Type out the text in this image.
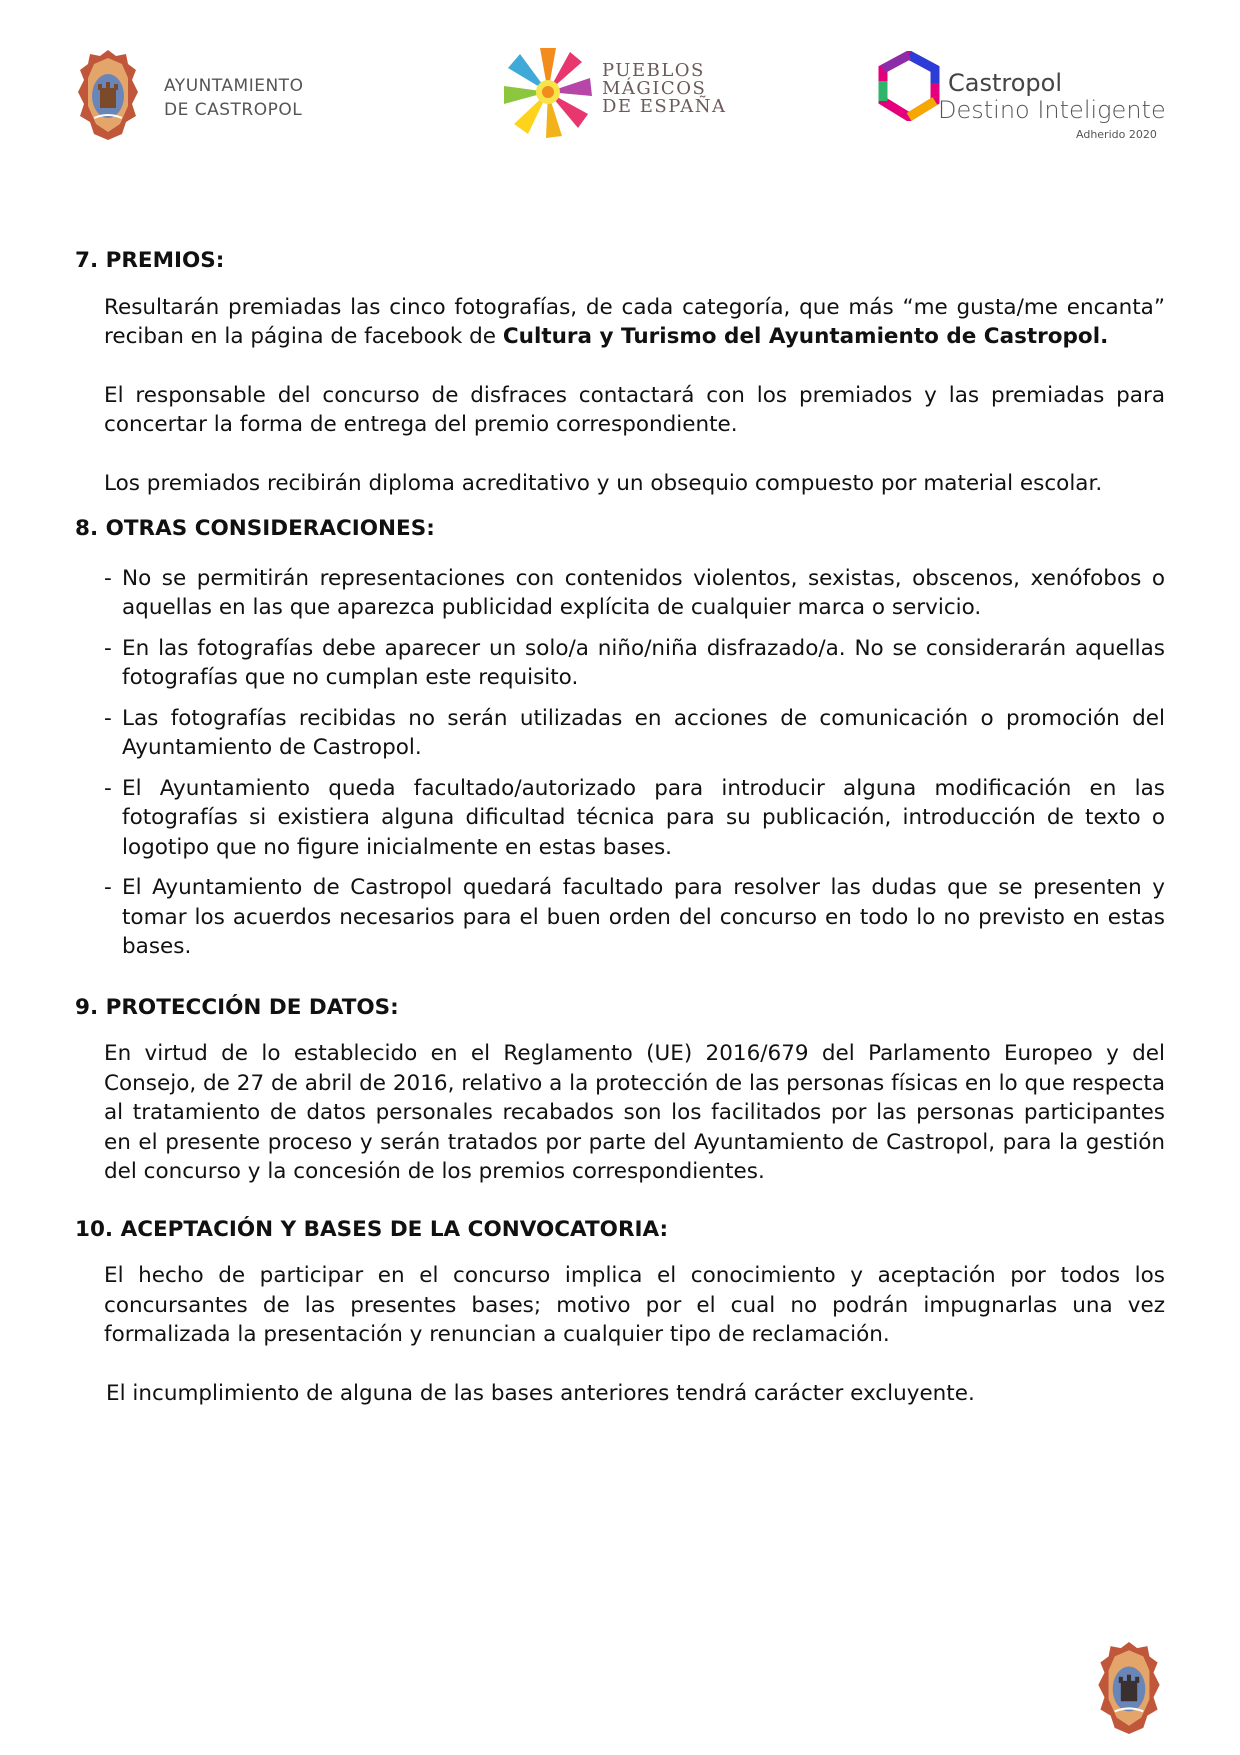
AYUNTAMIENTO
DE CASTROPOL
PUEBLOS
MÁGICOS
DE ESPAÑA
Castropol
Destino Inteligente
Adherido 2020

7. PREMIOS:

Resultarán premiadas las cinco fotografías, de cada categoría, que más “me gusta/me encanta” reciban en la página de facebook de Cultura y Turismo del Ayuntamiento de Castropol.

El responsable del concurso de disfraces contactará con los premiados y las premiadas para concertar la forma de entrega del premio correspondiente.

Los premiados recibirán diploma acreditativo y un obsequio compuesto por material escolar.

8. OTRAS CONSIDERACIONES:

- No se permitirán representaciones con contenidos violentos, sexistas, obscenos, xenófobos o aquellas en las que aparezca publicidad explícita de cualquier marca o servicio.
- En las fotografías debe aparecer un solo/a niño/niña disfrazado/a. No se considerarán aquellas fotografías que no cumplan este requisito.
- Las fotografías recibidas no serán utilizadas en acciones de comunicación o promoción del Ayuntamiento de Castropol.
- El Ayuntamiento queda facultado/autorizado para introducir alguna modificación en las fotografías si existiera alguna dificultad técnica para su publicación, introducción de texto o logotipo que no figure inicialmente en estas bases.
- El Ayuntamiento de Castropol quedará facultado para resolver las dudas que se presenten y tomar los acuerdos necesarios para el buen orden del concurso en todo lo no previsto en estas bases.

9. PROTECCIÓN DE DATOS:

En virtud de lo establecido en el Reglamento (UE) 2016/679 del Parlamento Europeo y del Consejo, de 27 de abril de 2016, relativo a la protección de las personas físicas en lo que respecta al tratamiento de datos personales recabados son los facilitados por las personas participantes en el presente proceso y serán tratados por parte del Ayuntamiento de Castropol, para la gestión del concurso y la concesión de los premios correspondientes.

10. ACEPTACIÓN Y BASES DE LA CONVOCATORIA:

El hecho de participar en el concurso implica el conocimiento y aceptación por todos los concursantes de las presentes bases; motivo por el cual no podrán impugnarlas una vez formalizada la presentación y renuncian a cualquier tipo de reclamación.

El incumplimiento de alguna de las bases anteriores tendrá carácter excluyente.
